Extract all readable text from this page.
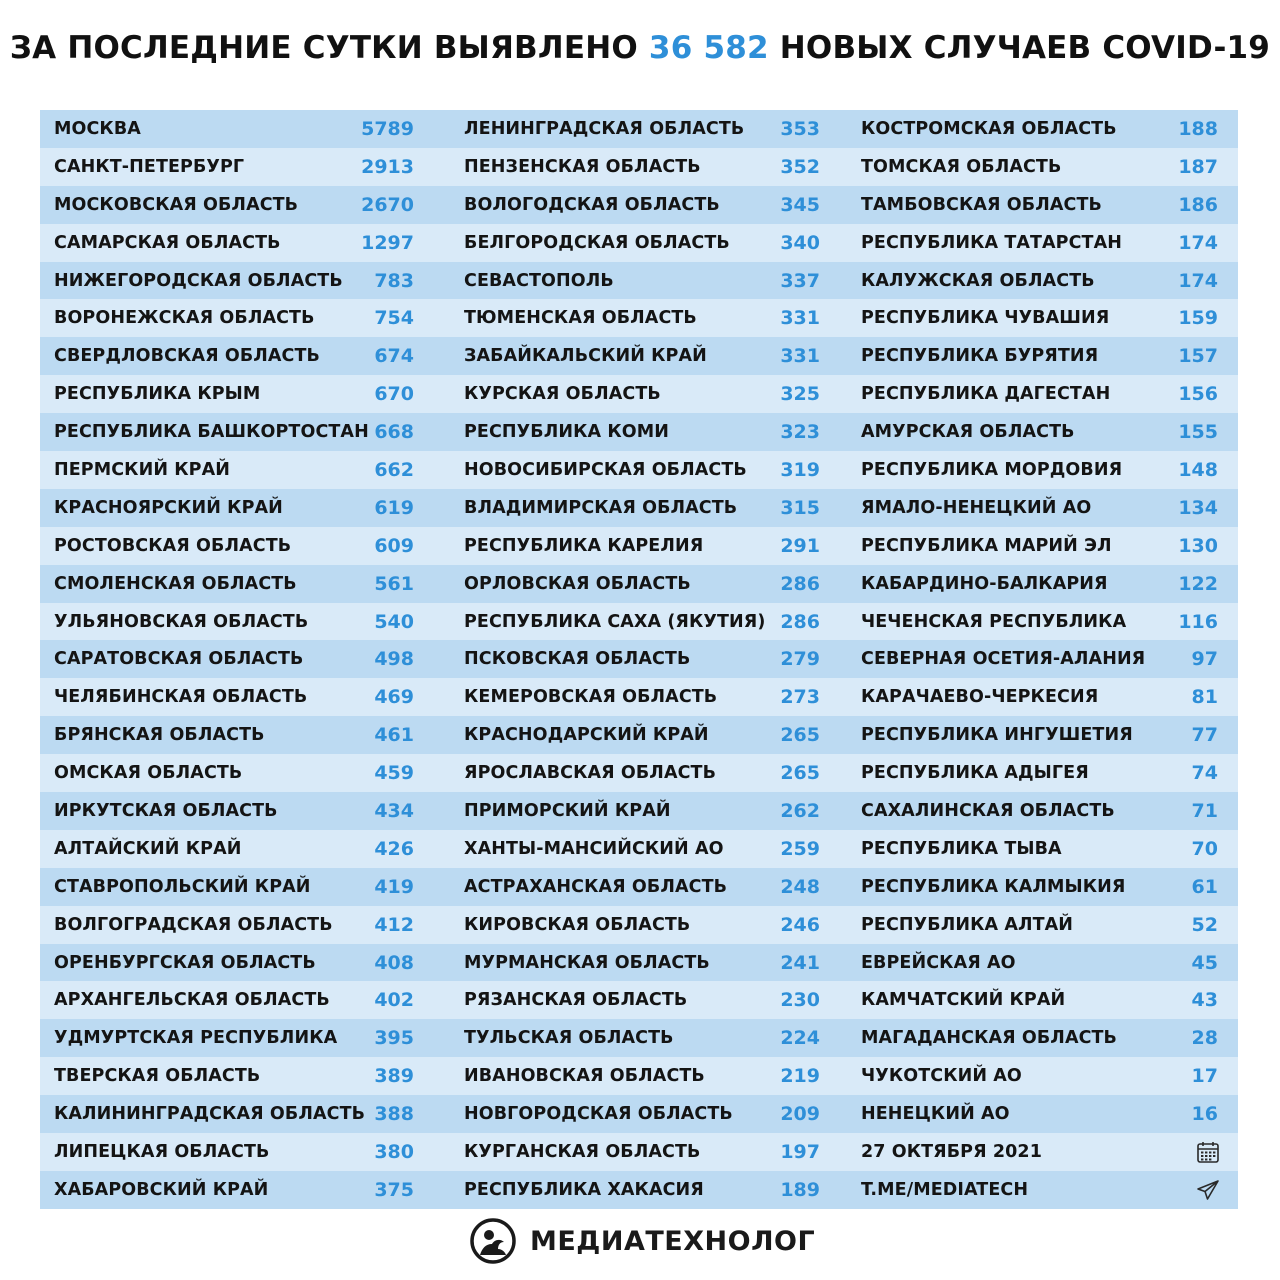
ЗА ПОСЛЕДНИЕ СУТКИ ВЫЯВЛЕНО 36 582 НОВЫХ СЛУЧАЕВ COVID-19
МОСКВА	5789
САНКТ-ПЕТЕРБУРГ	2913
МОСКОВСКАЯ ОБЛАСТЬ	2670
САМАРСКАЯ ОБЛАСТЬ	1297
НИЖЕГОРОДСКАЯ ОБЛАСТЬ 783
ВОРОНЕЖСКАЯ ОБЛАСТЬ	754
СВЕРДЛОВСКАЯ ОБЛАСТЬ	674
РЕСПУБЛИКА КРЫМ	670
РЕСПУБЛИКА БАШКОРТОСТАН 668
ПЕРМСКИЙ КРАЙ	662
КРАСНОЯРСКИЙ КРАЙ	619
РОСТОВСКАЯ ОБЛАСТЬ	609
СМОЛЕНСКАЯ ОБЛАСТЬ	561
УЛЬЯНОВСКАЯ ОБЛАСТЬ	540
САРАТОВСКАЯ ОБЛАСТЬ	498
ЧЕЛЯБИНСКАЯ ОБЛАСТЬ	469
БРЯНСКАЯ ОБЛАСТЬ	461
ОМСКАЯ ОБЛАСТЬ	459
ИРКУТСКАЯ ОБЛАСТЬ	434
АЛТАЙСКИЙ КРАЙ	426
СТАВРОПОЛЬСКИЙ КРАЙ	419
ВОЛГОГРАДСКАЯ ОБЛАСТЬ 412
ОРЕНБУРГСКАЯ ОБЛАСТЬ	408
АРХАНГЕЛЬСКАЯ ОБЛАСТЬ 402
УДМУРТСКАЯ РЕСПУБЛИКА 395
ТВЕРСКАЯ ОБЛАСТЬ	389
КАЛИНИНГРАДСКАЯ ОБЛАСТЬ 388
ЛИПЕЦКАЯ ОБЛАСТЬ	380
ХАБАРОВСКИЙ КРАЙ	375
ЛЕНИНГРАДСКАЯ ОБЛАСТЬ 353
ПЕНЗЕНСКАЯ ОБЛАСТЬ	352
ВОЛОГОДСКАЯ ОБЛАСТЬ	345
БЕЛГОРОДСКАЯ ОБЛАСТЬ	340
СЕВАСТОПОЛЬ	337
ТЮМЕНСКАЯ ОБЛАСТЬ	331
ЗАБАЙКАЛЬСКИЙ КРАЙ	331
КУРСКАЯ ОБЛАСТЬ	325
РЕСПУБЛИКА КОМИ	323
НОВОСИБИРСКАЯ ОБЛАСТЬ 319
ВЛАДИМИРСКАЯ ОБЛАСТЬ 315
РЕСПУБЛИКА КАРЕЛИЯ	291
ОРЛОВСКАЯ ОБЛАСТЬ	286
РЕСПУБЛИКА САХА (ЯКУТИЯ) 286
ПСКОВСКАЯ ОБЛАСТЬ	279
КЕМЕРОВСКАЯ ОБЛАСТЬ	273
КРАСНОДАРСКИЙ КРАЙ	265
ЯРОСЛАВСКАЯ ОБЛАСТЬ	265
ПРИМОРСКИЙ КРАЙ	262
ХАНТЫ-МАНСИЙСКИЙ АО	259
АСТРАХАНСКАЯ ОБЛАСТЬ	248
КИРОВСКАЯ ОБЛАСТЬ	246
МУРМАНСКАЯ ОБЛАСТЬ	241
РЯЗАНСКАЯ ОБЛАСТЬ	230
ТУЛЬСКАЯ ОБЛАСТЬ	224
ИВАНОВСКАЯ ОБЛАСТЬ	219
НОВГОРОДСКАЯ ОБЛАСТЬ 209
КУРГАНСКАЯ ОБЛАСТЬ	197
РЕСПУБЛИКА ХАКАСИЯ	189
КОСТРОМСКАЯ ОБЛАСТЬ	188
ТОМСКАЯ ОБЛАСТЬ	187
ТАМБОВСКАЯ ОБЛАСТЬ	186
РЕСПУБЛИКА ТАТАРСТАН	174
КАЛУЖСКАЯ ОБЛАСТЬ	174
РЕСПУБЛИКА ЧУВАШИЯ	159
РЕСПУБЛИКА БУРЯТИЯ	157
РЕСПУБЛИКА ДАГЕСТАН	156
АМУРСКАЯ ОБЛАСТЬ	155
РЕСПУБЛИКА МОРДОВИЯ	148
ЯМАЛО-НЕНЕЦКИЙ АО	134
РЕСПУБЛИКА МАРИЙ ЭЛ	130
КАБАРДИНО-БАЛКАРИЯ	122
ЧЕЧЕНСКАЯ РЕСПУБЛИКА	116
СЕВЕРНАЯ ОСЕТИЯ-АЛАНИЯ 97
КАРАЧАЕВО-ЧЕРКЕСИЯ	81
РЕСПУБЛИКА ИНГУШЕТИЯ	77
РЕСПУБЛИКА АДЫГЕЯ	74
САХАЛИНСКАЯ ОБЛАСТЬ	71
РЕСПУБЛИКА ТЫВА	70
РЕСПУБЛИКА КАЛМЫКИЯ	61
РЕСПУБЛИКА АЛТАЙ	52
ЕВРЕЙСКАЯ АО	45
КАМЧАТСКИЙ КРАЙ	43
МАГАДАНСКАЯ ОБЛАСТЬ	28
ЧУКОТСКИЙ АО	17
НЕНЕЦКИЙ АО	16
27 ОКТЯБРЯ 2021
T.ME/MEDIATECH
МЕДИАТЕХНОЛОГ
